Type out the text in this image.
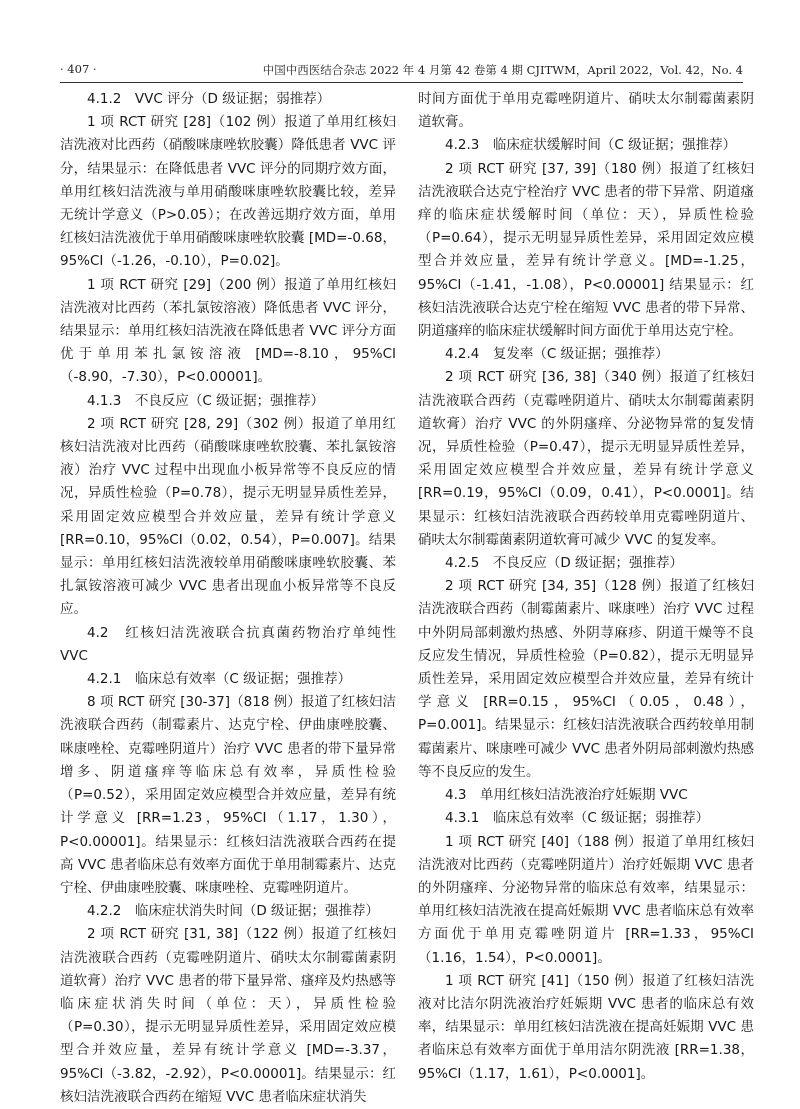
· 407 ·	中国中西医结合杂志 2022 年 4 月第 42 卷第 4 期 CJITWM，April 2022，Vol. 42，No. 4

4.1.2　VVC 评分（D 级证据；弱推荐）

1 项 RCT 研究 [28]（102 例）报道了单用红核妇洁洗液对比西药（硝酸咪康唑软胶囊）降低患者 VVC 评分，结果显示：在降低患者 VVC 评分的同期疗效方面，单用红核妇洁洗液与单用硝酸咪康唑软胶囊比较，差异无统计学意义（P>0.05）；在改善远期疗效方面，单用红核妇洁洗液优于单用硝酸咪康唑软胶囊 [MD=-0.68，95%CI（-1.26，-0.10），P=0.02]。

1 项 RCT 研究 [29]（200 例）报道了单用红核妇洁洗液对比西药（苯扎氯铵溶液）降低患者 VVC 评分，结果显示：单用红核妇洁洗液在降低患者 VVC 评分方面优于单用苯扎氯铵溶液 [MD=-8.10，95%CI（-8.90，-7.30），P<0.00001]。

4.1.3　不良反应（C 级证据；强推荐）

2 项 RCT 研究 [28, 29]（302 例）报道了单用红核妇洁洗液对比西药（硝酸咪康唑软胶囊、苯扎氯铵溶液）治疗 VVC 过程中出现血小板异常等不良反应的情况，异质性检验（P=0.78），提示无明显异质性差异，采用固定效应模型合并效应量，差异有统计学意义 [RR=0.10，95%CI（0.02，0.54），P=0.007]。结果显示：单用红核妇洁洗液较单用硝酸咪康唑软胶囊、苯扎氯铵溶液可减少 VVC 患者出现血小板异常等不良反应。

4.2　红核妇洁洗液联合抗真菌药物治疗单纯性 VVC

4.2.1　临床总有效率（C 级证据；强推荐）

8 项 RCT 研究 [30-37]（818 例）报道了红核妇洁洗液联合西药（制霉素片、达克宁栓、伊曲康唑胶囊、咪康唑栓、克霉唑阴道片）治疗 VVC 患者的带下量异常增多、阴道瘙痒等临床总有效率，异质性检验（P=0.52），采用固定效应模型合并效应量，差异有统计学意义 [RR=1.23，95%CI（1.17，1.30），P<0.00001]。结果显示：红核妇洁洗液联合西药在提高 VVC 患者临床总有效率方面优于单用制霉素片、达克宁栓、伊曲康唑胶囊、咪康唑栓、克霉唑阴道片。

4.2.2　临床症状消失时间（D 级证据；强推荐）

2 项 RCT 研究 [31, 38]（122 例）报道了红核妇洁洗液联合西药（克霉唑阴道片、硝呋太尔制霉菌素阴道软膏）治疗 VVC 患者的带下量异常、瘙痒及灼热感等临床症状消失时间（单位：天），异质性检验（P=0.30），提示无明显异质性差异，采用固定效应模型合并效应量，差异有统计学意义 [MD=-3.37，95%CI（-3.82，-2.92），P<0.00001]。结果显示：红核妇洁洗液联合西药在缩短 VVC 患者临床症状消失

时间方面优于单用克霉唑阴道片、硝呋太尔制霉菌素阴道软膏。

4.2.3　临床症状缓解时间（C 级证据；强推荐）

2 项 RCT 研究 [37, 39]（180 例）报道了红核妇洁洗液联合达克宁栓治疗 VVC 患者的带下异常、阴道瘙痒的临床症状缓解时间（单位：天），异质性检验（P=0.64），提示无明显异质性差异，采用固定效应模型合并效应量，差异有统计学意义。[MD=-1.25，95%CI（-1.41，-1.08），P<0.00001] 结果显示：红核妇洁洗液联合达克宁栓在缩短 VVC 患者的带下异常、阴道瘙痒的临床症状缓解时间方面优于单用达克宁栓。

4.2.4　复发率（C 级证据；强推荐）

2 项 RCT 研究 [36, 38]（340 例）报道了红核妇洁洗液联合西药（克霉唑阴道片、硝呋太尔制霉菌素阴道软膏）治疗 VVC 的外阴瘙痒、分泌物异常的复发情况，异质性检验（P=0.47），提示无明显异质性差异，采用固定效应模型合并效应量，差异有统计学意义 [RR=0.19，95%CI（0.09，0.41），P<0.0001]。结果显示：红核妇洁洗液联合西药较单用克霉唑阴道片、硝呋太尔制霉菌素阴道软膏可减少 VVC 的复发率。

4.2.5　不良反应（D 级证据；强推荐）

2 项 RCT 研究 [34, 35]（128 例）报道了红核妇洁洗液联合西药（制霉菌素片、咪康唑）治疗 VVC 过程中外阴局部刺激灼热感、外阴荨麻疹、阴道干燥等不良反应发生情况，异质性检验（P=0.82），提示无明显异质性差异，采用固定效应模型合并效应量，差异有统计学意义 [RR=0.15，95%CI（0.05，0.48），P=0.001]。结果显示：红核妇洁洗液联合西药较单用制霉菌素片、咪康唑可减少 VVC 患者外阴局部刺激灼热感等不良反应的发生。

4.3　单用红核妇洁洗液治疗妊娠期 VVC

4.3.1　临床总有效率（C 级证据；弱推荐）

1 项 RCT 研究 [40]（188 例）报道了单用红核妇洁洗液对比西药（克霉唑阴道片）治疗妊娠期 VVC 患者的外阴瘙痒、分泌物异常的临床总有效率，结果显示：单用红核妇洁洗液在提高妊娠期 VVC 患者临床总有效率方面优于单用克霉唑阴道片 [RR=1.33，95%CI（1.16，1.54），P<0.0001]。

1 项 RCT 研究 [41]（150 例）报道了红核妇洁洗液对比洁尔阴洗液治疗妊娠期 VVC 患者的临床总有效率，结果显示：单用红核妇洁洗液在提高妊娠期 VVC 患者临床总有效率方面优于单用洁尔阴洗液 [RR=1.38，95%CI（1.17，1.61），P<0.0001]。
